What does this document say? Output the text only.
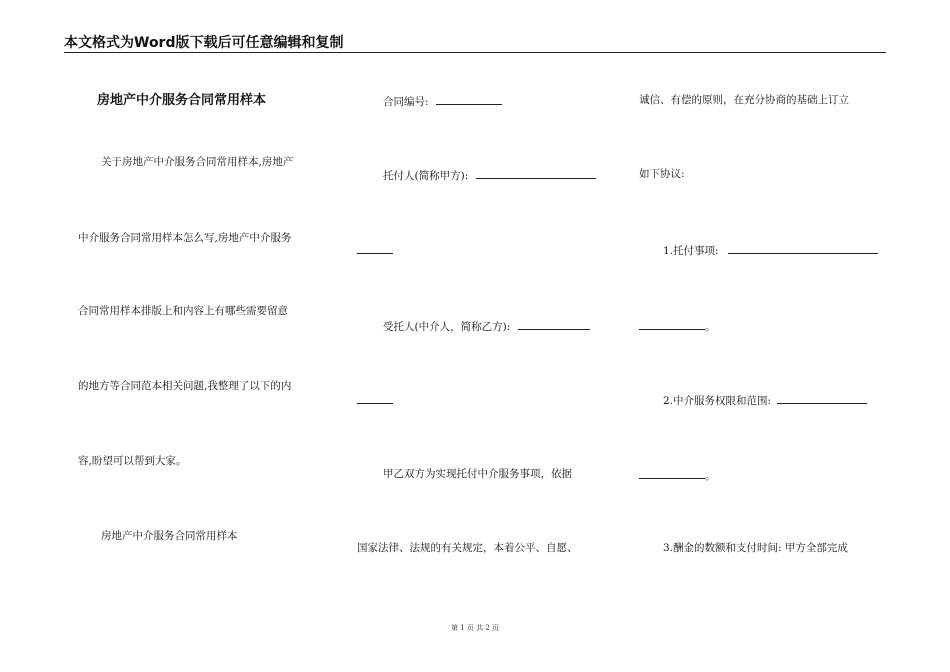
本文格式为Word版下载后可任意编辑和复制
房地产中介服务合同常用样本
关于房地产中介服务合同常用样本,房地产
中介服务合同常用样本怎么写,房地产中介服务
合同常用样本排版上和内容上有哪些需要留意
的地方等合同范本相关问题,我整理了以下的内
容,盼望可以帮到大家。
房地产中介服务合同常用样本
合同编号:
托付人(简称甲方):
受托人(中介人，简称乙方):
甲乙双方为实现托付中介服务事项，依据
国家法律、法规的有关规定，本着公平、自愿、
诚信、有偿的原则，在充分协商的基础上订立
如下协议:
1.托付事项:
。
2.中介服务权限和范围:
。
3.酬金的数额和支付时间: 甲方全部完成
第 1 页 共 2 页
